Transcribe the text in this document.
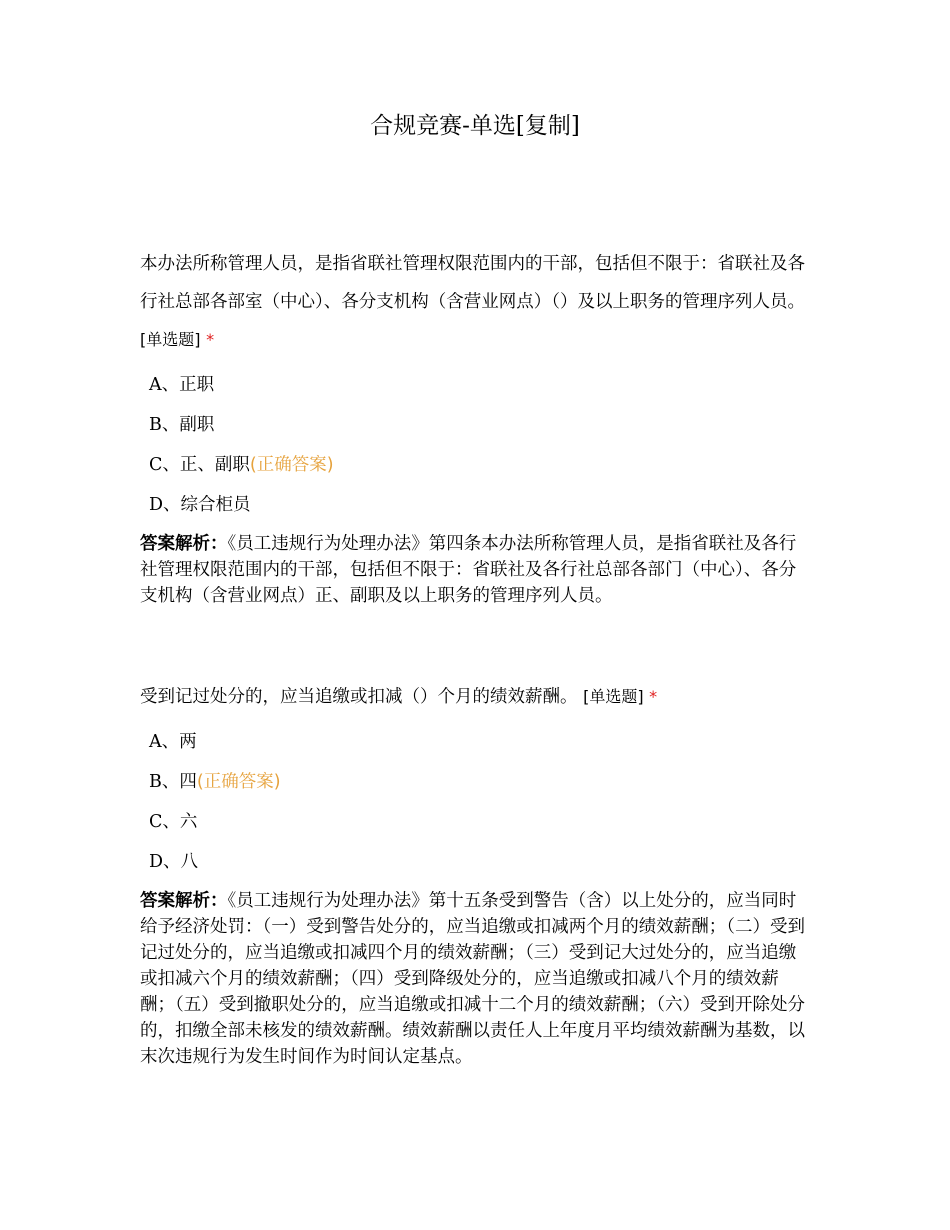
合规竞赛-单选[复制]

本办法所称管理人员，是指省联社管理权限范围内的干部，包括但不限于：省联社及各行社总部各部室（中心）、各分支机构（含营业网点）（）及以上职务的管理序列人员。 [单选题] *

A、正职
B、副职
C、正、副职(正确答案)
D、综合柜员

答案解析：《员工违规行为处理办法》第四条本办法所称管理人员，是指省联社及各行社管理权限范围内的干部，包括但不限于：省联社及各行社总部各部门（中心）、各分支机构（含营业网点）正、副职及以上职务的管理序列人员。

受到记过处分的，应当追缴或扣减（）个月的绩效薪酬。 [单选题] *

A、两
B、四(正确答案)
C、六
D、八

答案解析：《员工违规行为处理办法》第十五条受到警告（含）以上处分的，应当同时给予经济处罚：（一）受到警告处分的，应当追缴或扣减两个月的绩效薪酬；（二）受到记过处分的，应当追缴或扣减四个月的绩效薪酬；（三）受到记大过处分的，应当追缴或扣减六个月的绩效薪酬；（四）受到降级处分的，应当追缴或扣减八个月的绩效薪酬；（五）受到撤职处分的，应当追缴或扣减十二个月的绩效薪酬；（六）受到开除处分的，扣缴全部未核发的绩效薪酬。绩效薪酬以责任人上年度月平均绩效薪酬为基数，以末次违规行为发生时间作为时间认定基点。
